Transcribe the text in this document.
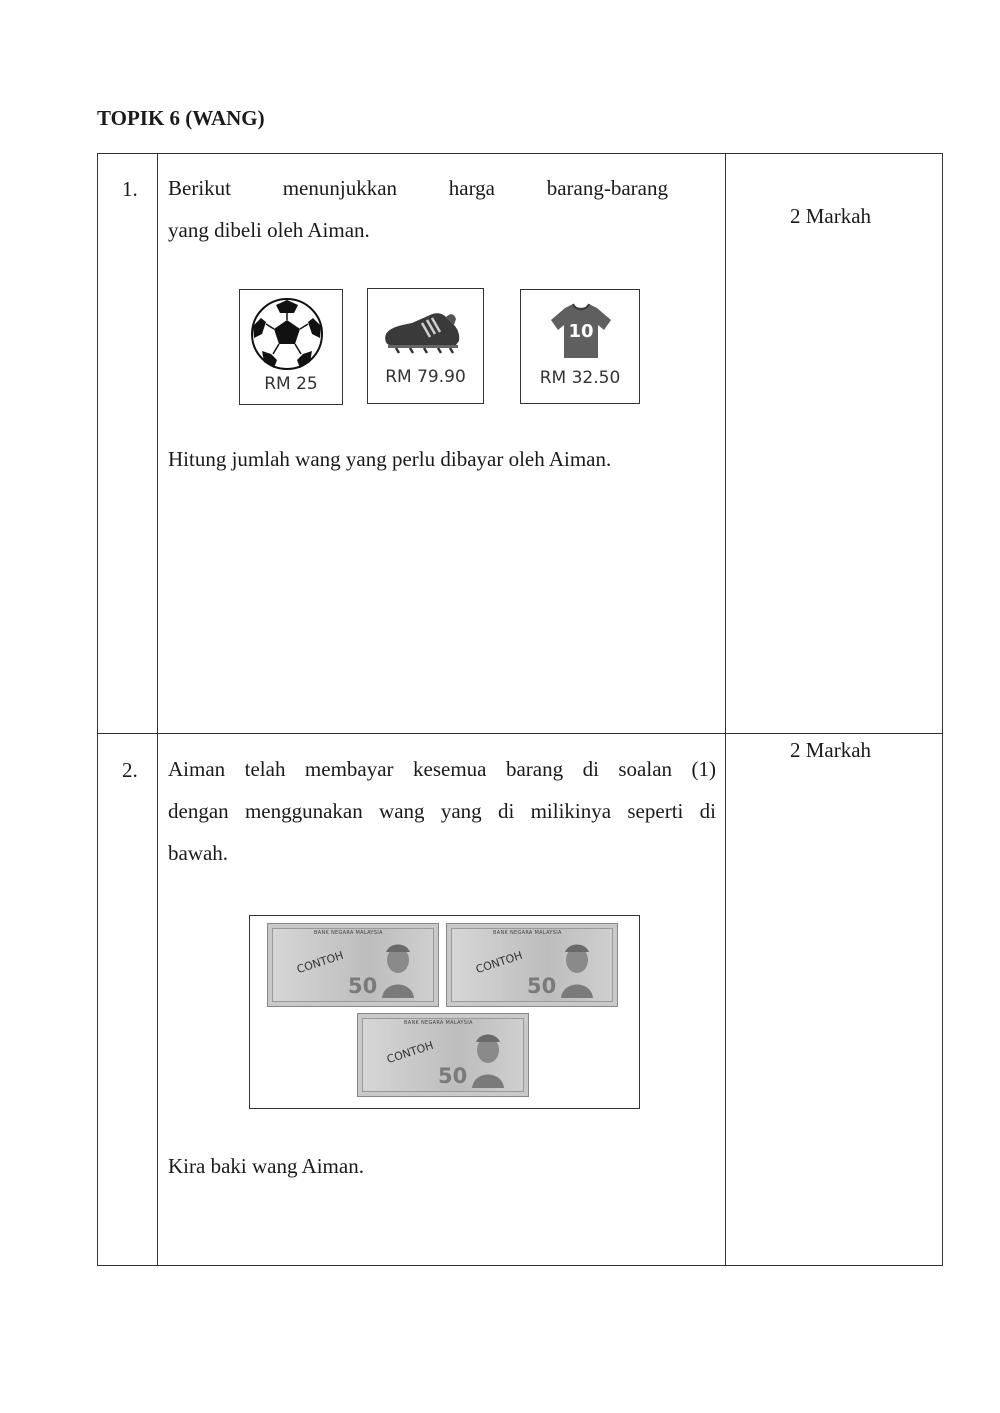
TOPIK 6 (WANG)
1. Berikut menunjukkan harga barang-barang
yang dibeli oleh Aiman.
RM 25	RM 79.90
10
RM 32.50
Hitung jumlah wang yang perlu dibayar oleh Aiman.
2 Markah
2. Aiman telah membayar kesemua barang di soalan (1)
dengan menggunakan wang yang di milikinya seperti di
bawah.
BANK NEGARA MALAYSIA
CONTOH
50
BANK NEGARA MALAYSIA
CONTOH
50
BANK NEGARA MALAYSIA
CONTOH
50
Kira baki wang Aiman.
2 Markah
